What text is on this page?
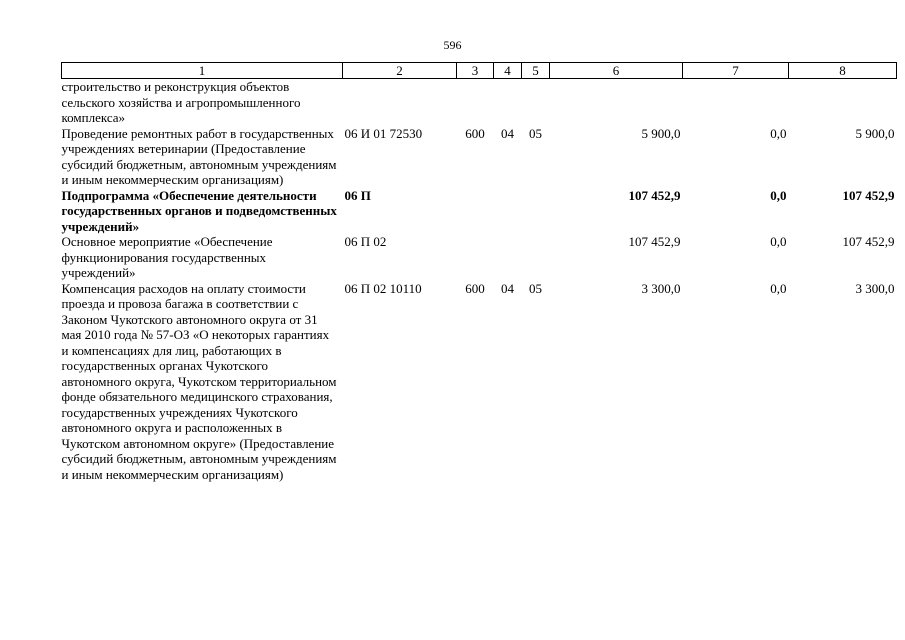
596
1	2	3	4	5	6	7	8
строительство и реконструкция объектов сельского хозяйства и агропромышленного комплекса»							
Проведение ремонтных работ в государственных учреждениях ветеринарии (Предоставление субсидий бюджетным, автономным учреждениям и иным некоммерческим организациям)	06 И 01 72530	600	04	05	5 900,0	0,0	5 900,0
Подпрограмма «Обеспечение деятельности государственных органов и подведомственных учреждений»	06 П				107 452,9	0,0	107 452,9
Основное мероприятие «Обеспечение функционирования государственных учреждений»	06 П 02				107 452,9	0,0	107 452,9
Компенсация расходов на оплату стоимости проезда и провоза багажа в соответствии с Законом Чукотского автономного округа от 31 мая 2010 года № 57-ОЗ «О некоторых гарантиях и компенсациях для лиц, работающих в государственных органах Чукотского автономного округа, Чукотском территориальном фонде обязательного медицинского страхования, государственных учреждениях Чукотского автономного округа и расположенных в Чукотском автономном округе» (Предоставление субсидий бюджетным, автономным учреждениям и иным некоммерческим организациям)	06 П 02 10110	600	04	05	3 300,0	0,0	3 300,0
